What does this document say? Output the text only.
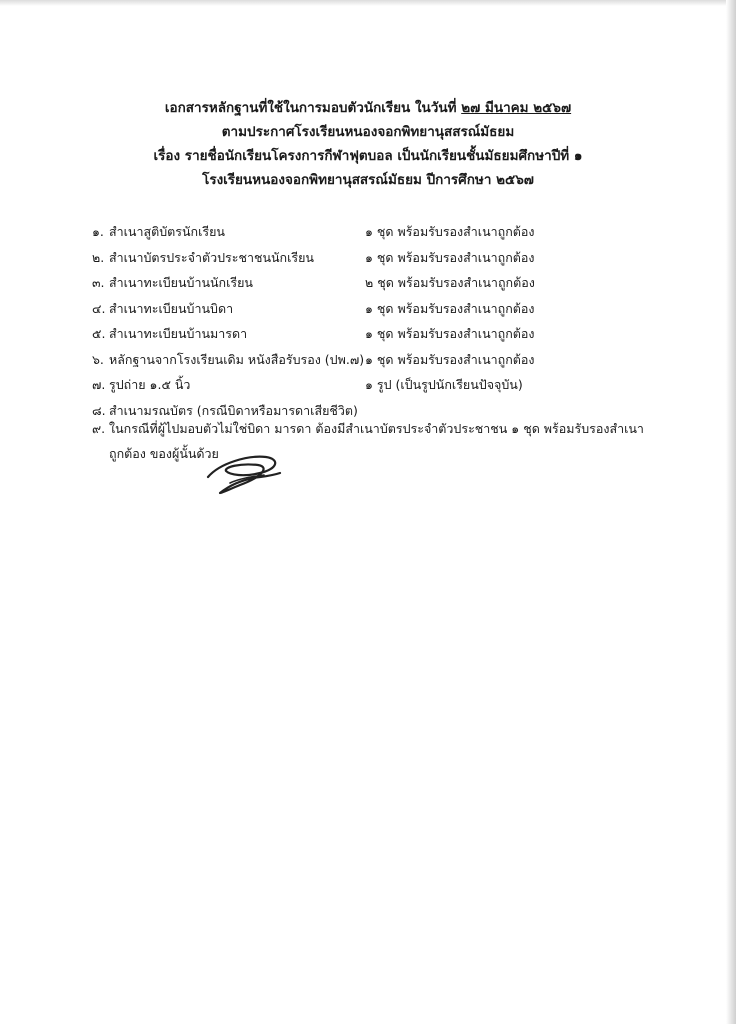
เอกสารหลักฐานที่ใช้ในการมอบตัวนักเรียน ในวันที่ ๒๗ มีนาคม ๒๕๖๗
ตามประกาศโรงเรียนหนองจอกพิทยานุสสรณ์มัธยม
เรื่อง รายชื่อนักเรียนโครงการกีฬาฟุตบอล เป็นนักเรียนชั้นมัธยมศึกษาปีที่ ๑
โรงเรียนหนองจอกพิทยานุสสรณ์มัธยม ปีการศึกษา ๒๕๖๗
๑. สำเนาสูติบัตรนักเรียน	๑ ชุด พร้อมรับรองสำเนาถูกต้อง
๒. สำเนาบัตรประจำตัวประชาชนนักเรียน	๑ ชุด พร้อมรับรองสำเนาถูกต้อง
๓. สำเนาทะเบียนบ้านนักเรียน	๒ ชุด พร้อมรับรองสำเนาถูกต้อง
๔. สำเนาทะเบียนบ้านบิดา	๑ ชุด พร้อมรับรองสำเนาถูกต้อง
๕. สำเนาทะเบียนบ้านมารดา	๑ ชุด พร้อมรับรองสำเนาถูกต้อง
๖. หลักฐานจากโรงเรียนเดิม หนังสือรับรอง (ปพ.๗) ๑ ชุด พร้อมรับรองสำเนาถูกต้อง
๗. รูปถ่าย ๑.๕ นิ้ว	๑ รูป (เป็นรูปนักเรียนปัจจุบัน)
๘. สำเนามรณบัตร (กรณีบิดาหรือมารดาเสียชีวิต)
๙. ในกรณีที่ผู้ไปมอบตัวไม่ใช่บิดา มารดา ต้องมีสำเนาบัตรประจำตัวประชาชน ๑ ชุด พร้อมรับรองสำเนา
ถูกต้อง ของผู้นั้นด้วย
